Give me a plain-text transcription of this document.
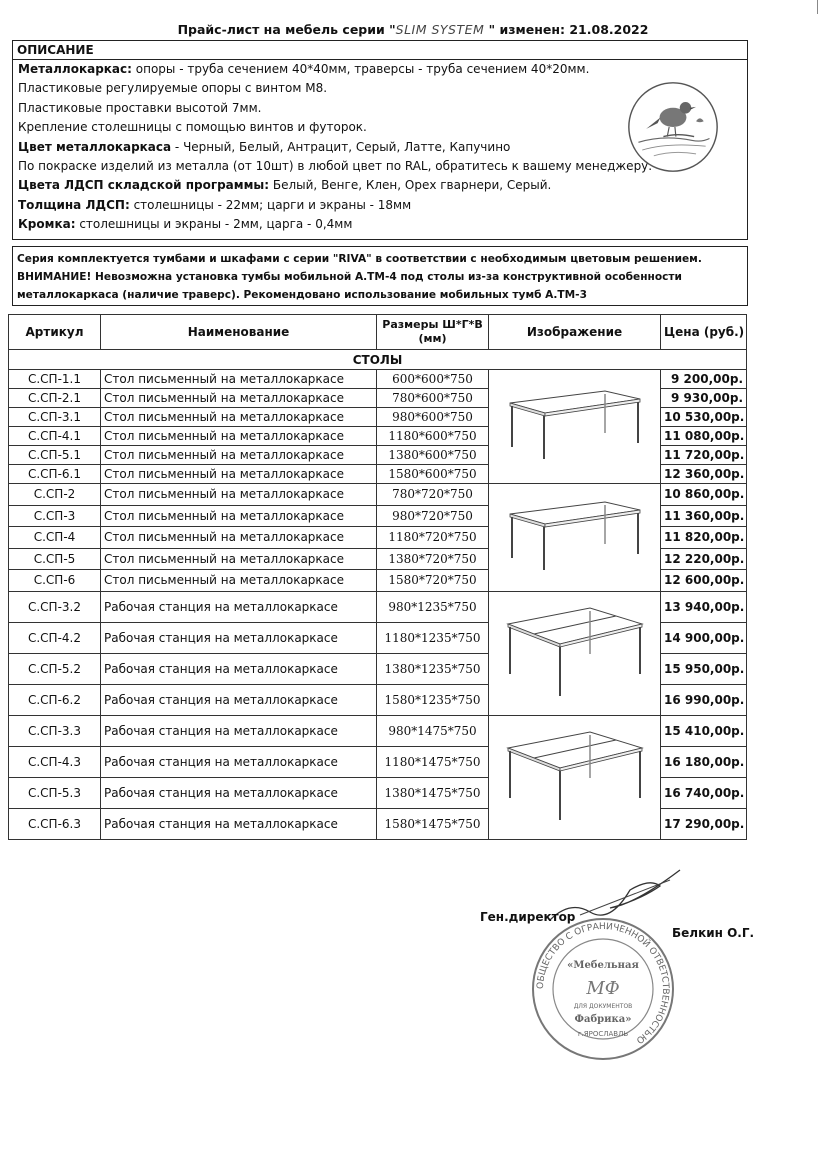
Прайс-лист на мебель серии "SLIM SYSTEM " изменен: 21.08.2022
ОПИСАНИЕ
Металлокаркас: опоры - труба сечением 40*40мм, траверсы - труба сечением 40*20мм.
Пластиковые регулируемые опоры с винтом М8.
Пластиковые проставки высотой 7мм.
Крепление столешницы с помощью винтов и футорок.
Цвет металлокаркаса - Черный, Белый, Антрацит, Серый, Латте, Капучино
По покраске изделий из металла (от 10шт) в любой цвет по RAL, обратитесь к вашему менеджеру.
Цвета ЛДСП складской программы: Белый, Венге, Клен, Орех гварнери, Серый.
Толщина ЛДСП: столешницы - 22мм; царги и экраны - 18мм
Кромка: столешницы и экраны - 2мм, царга - 0,4мм
Серия комплектуется тумбами и шкафами с серии "RIVA" в соответствии с необходимым цветовым решением.
ВНИМАНИЕ! Невозможна установка тумбы мобильной А.ТМ-4 под столы из-за конструктивной особенности
металлокаркаса (наличие траверс). Рекомендовано использование мобильных тумб А.ТМ-3
Артикул	Наименование	Размеры Ш*Г*В (мм)	Изображение	Цена (руб.)
СТОЛЫ				
С.СП-1.1	Стол письменный на металлокаркасе	600*600*750		9 200,00р.
С.СП-2.1	Стол письменный на металлокаркасе	780*600*750		9 930,00р.
С.СП-3.1	Стол письменный на металлокаркасе	980*600*750		10 530,00р.
С.СП-4.1	Стол письменный на металлокаркасе	1180*600*750		11 080,00р.
С.СП-5.1	Стол письменный на металлокаркасе	1380*600*750		11 720,00р.
С.СП-6.1	Стол письменный на металлокаркасе	1580*600*750		12 360,00р.
С.СП-2	Стол письменный на металлокаркасе	780*720*750		10 860,00р.
С.СП-3	Стол письменный на металлокаркасе	980*720*750		11 360,00р.
С.СП-4	Стол письменный на металлокаркасе	1180*720*750		11 820,00р.
С.СП-5	Стол письменный на металлокаркасе	1380*720*750		12 220,00р.
С.СП-6	Стол письменный на металлокаркасе	1580*720*750		12 600,00р.
С.СП-3.2	Рабочая станция на металлокаркасе	980*1235*750		13 940,00р.
С.СП-4.2	Рабочая станция на металлокаркасе	1180*1235*750		14 900,00р.
С.СП-5.2	Рабочая станция на металлокаркасе	1380*1235*750		15 950,00р.
С.СП-6.2	Рабочая станция на металлокаркасе	1580*1235*750		16 990,00р.
С.СП-3.3	Рабочая станция на металлокаркасе	980*1475*750		15 410,00р.
С.СП-4.3	Рабочая станция на металлокаркасе	1180*1475*750		16 180,00р.
С.СП-5.3	Рабочая станция на металлокаркасе	1380*1475*750		16 740,00р.
С.СП-6.3	Рабочая станция на металлокаркасе	1580*1475*750		17 290,00р.
Ген.директор
Белкин О.Г.
ОБЩЕСТВО С ОГРАНИЧЕННОЙ ОТВЕТСТВЕННОСТЬЮ
«Мебельная
МФ
ДЛЯ ДОКУМЕНТОВ
Фабрика»
г.ЯРОСЛАВЛЬ
